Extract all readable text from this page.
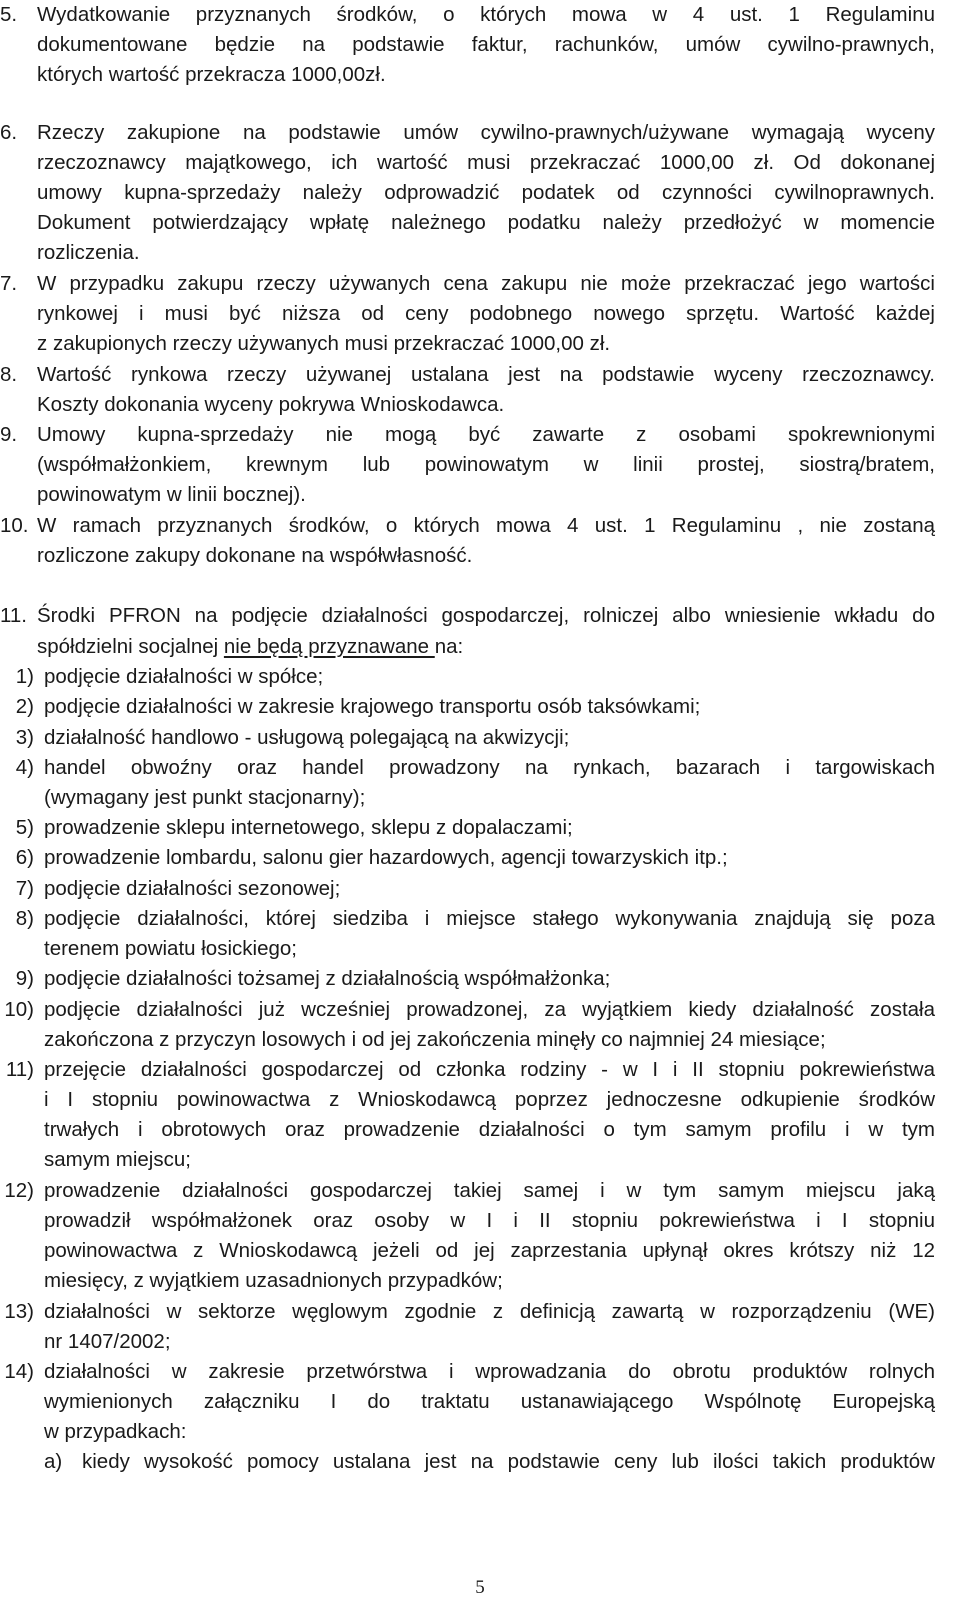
5. Wydatkowanie przyznanych środków, o których mowa w 4 ust. 1 Regulaminu
dokumentowane będzie na podstawie faktur, rachunków, umów cywilno-prawnych,
których wartość przekracza 1000,00zł.
6. Rzeczy zakupione na podstawie umów cywilno-prawnych/używane wymagają wyceny
rzeczoznawcy majątkowego, ich wartość musi przekraczać 1000,00 zł. Od dokonanej
umowy kupna-sprzedaży należy odprowadzić podatek od czynności cywilnoprawnych.
Dokument potwierdzający wpłatę należnego podatku należy przedłożyć w momencie
rozliczenia.
7. W przypadku zakupu rzeczy używanych cena zakupu nie może przekraczać jego wartości
rynkowej i musi być niższa od ceny podobnego nowego sprzętu. Wartość każdej
z zakupionych rzeczy używanych musi przekraczać 1000,00 zł.
8. Wartość rynkowa rzeczy używanej ustalana jest na podstawie wyceny rzeczoznawcy.
Koszty dokonania wyceny pokrywa Wnioskodawca.
9. Umowy kupna-sprzedaży nie mogą być zawarte z osobami spokrewnionymi
(współmałżonkiem, krewnym lub powinowatym w linii prostej, siostrą/bratem,
powinowatym w linii bocznej).
10. W ramach przyznanych środków, o których mowa 4 ust. 1 Regulaminu , nie zostaną
rozliczone zakupy dokonane na współwłasność.
11. Środki PFRON na podjęcie działalności gospodarczej, rolniczej albo wniesienie wkładu do
spółdzielni socjalnej nie będą przyznawane na:
1) podjęcie działalności w spółce;
2) podjęcie działalności w zakresie krajowego transportu osób taksówkami;
3) działalność handlowo - usługową polegającą na akwizycji;
4) handel obwoźny oraz handel prowadzony na rynkach, bazarach i targowiskach
(wymagany jest punkt stacjonarny);
5) prowadzenie sklepu internetowego, sklepu z dopalaczami;
6) prowadzenie lombardu, salonu gier hazardowych, agencji towarzyskich itp.;
7) podjęcie działalności sezonowej;
8) podjęcie działalności, której siedziba i miejsce stałego wykonywania znajdują się poza
terenem powiatu łosickiego;
9) podjęcie działalności tożsamej z działalnością współmałżonka;
10) podjęcie działalności już wcześniej prowadzonej, za wyjątkiem kiedy działalność została
zakończona z przyczyn losowych i od jej zakończenia minęły co najmniej 24 miesiące;
11) przejęcie działalności gospodarczej od członka rodziny - w I i II stopniu pokrewieństwa
i I stopniu powinowactwa z Wnioskodawcą poprzez jednoczesne odkupienie środków
trwałych i obrotowych oraz prowadzenie działalności o tym samym profilu i w tym
samym miejscu;
12) prowadzenie działalności gospodarczej takiej samej i w tym samym miejscu jaką
prowadził współmałżonek oraz osoby w I i II stopniu pokrewieństwa i I stopniu
powinowactwa z Wnioskodawcą jeżeli od jej zaprzestania upłynął okres krótszy niż 12
miesięcy, z wyjątkiem uzasadnionych przypadków;
13) działalności w sektorze węglowym zgodnie z definicją zawartą w rozporządzeniu (WE)
nr 1407/2002;
14) działalności w zakresie przetwórstwa i wprowadzania do obrotu produktów rolnych
wymienionych załączniku I do traktatu ustanawiającego Wspólnotę Europejską
w przypadkach:
a) kiedy wysokość pomocy ustalana jest na podstawie ceny lub ilości takich produktów
5
